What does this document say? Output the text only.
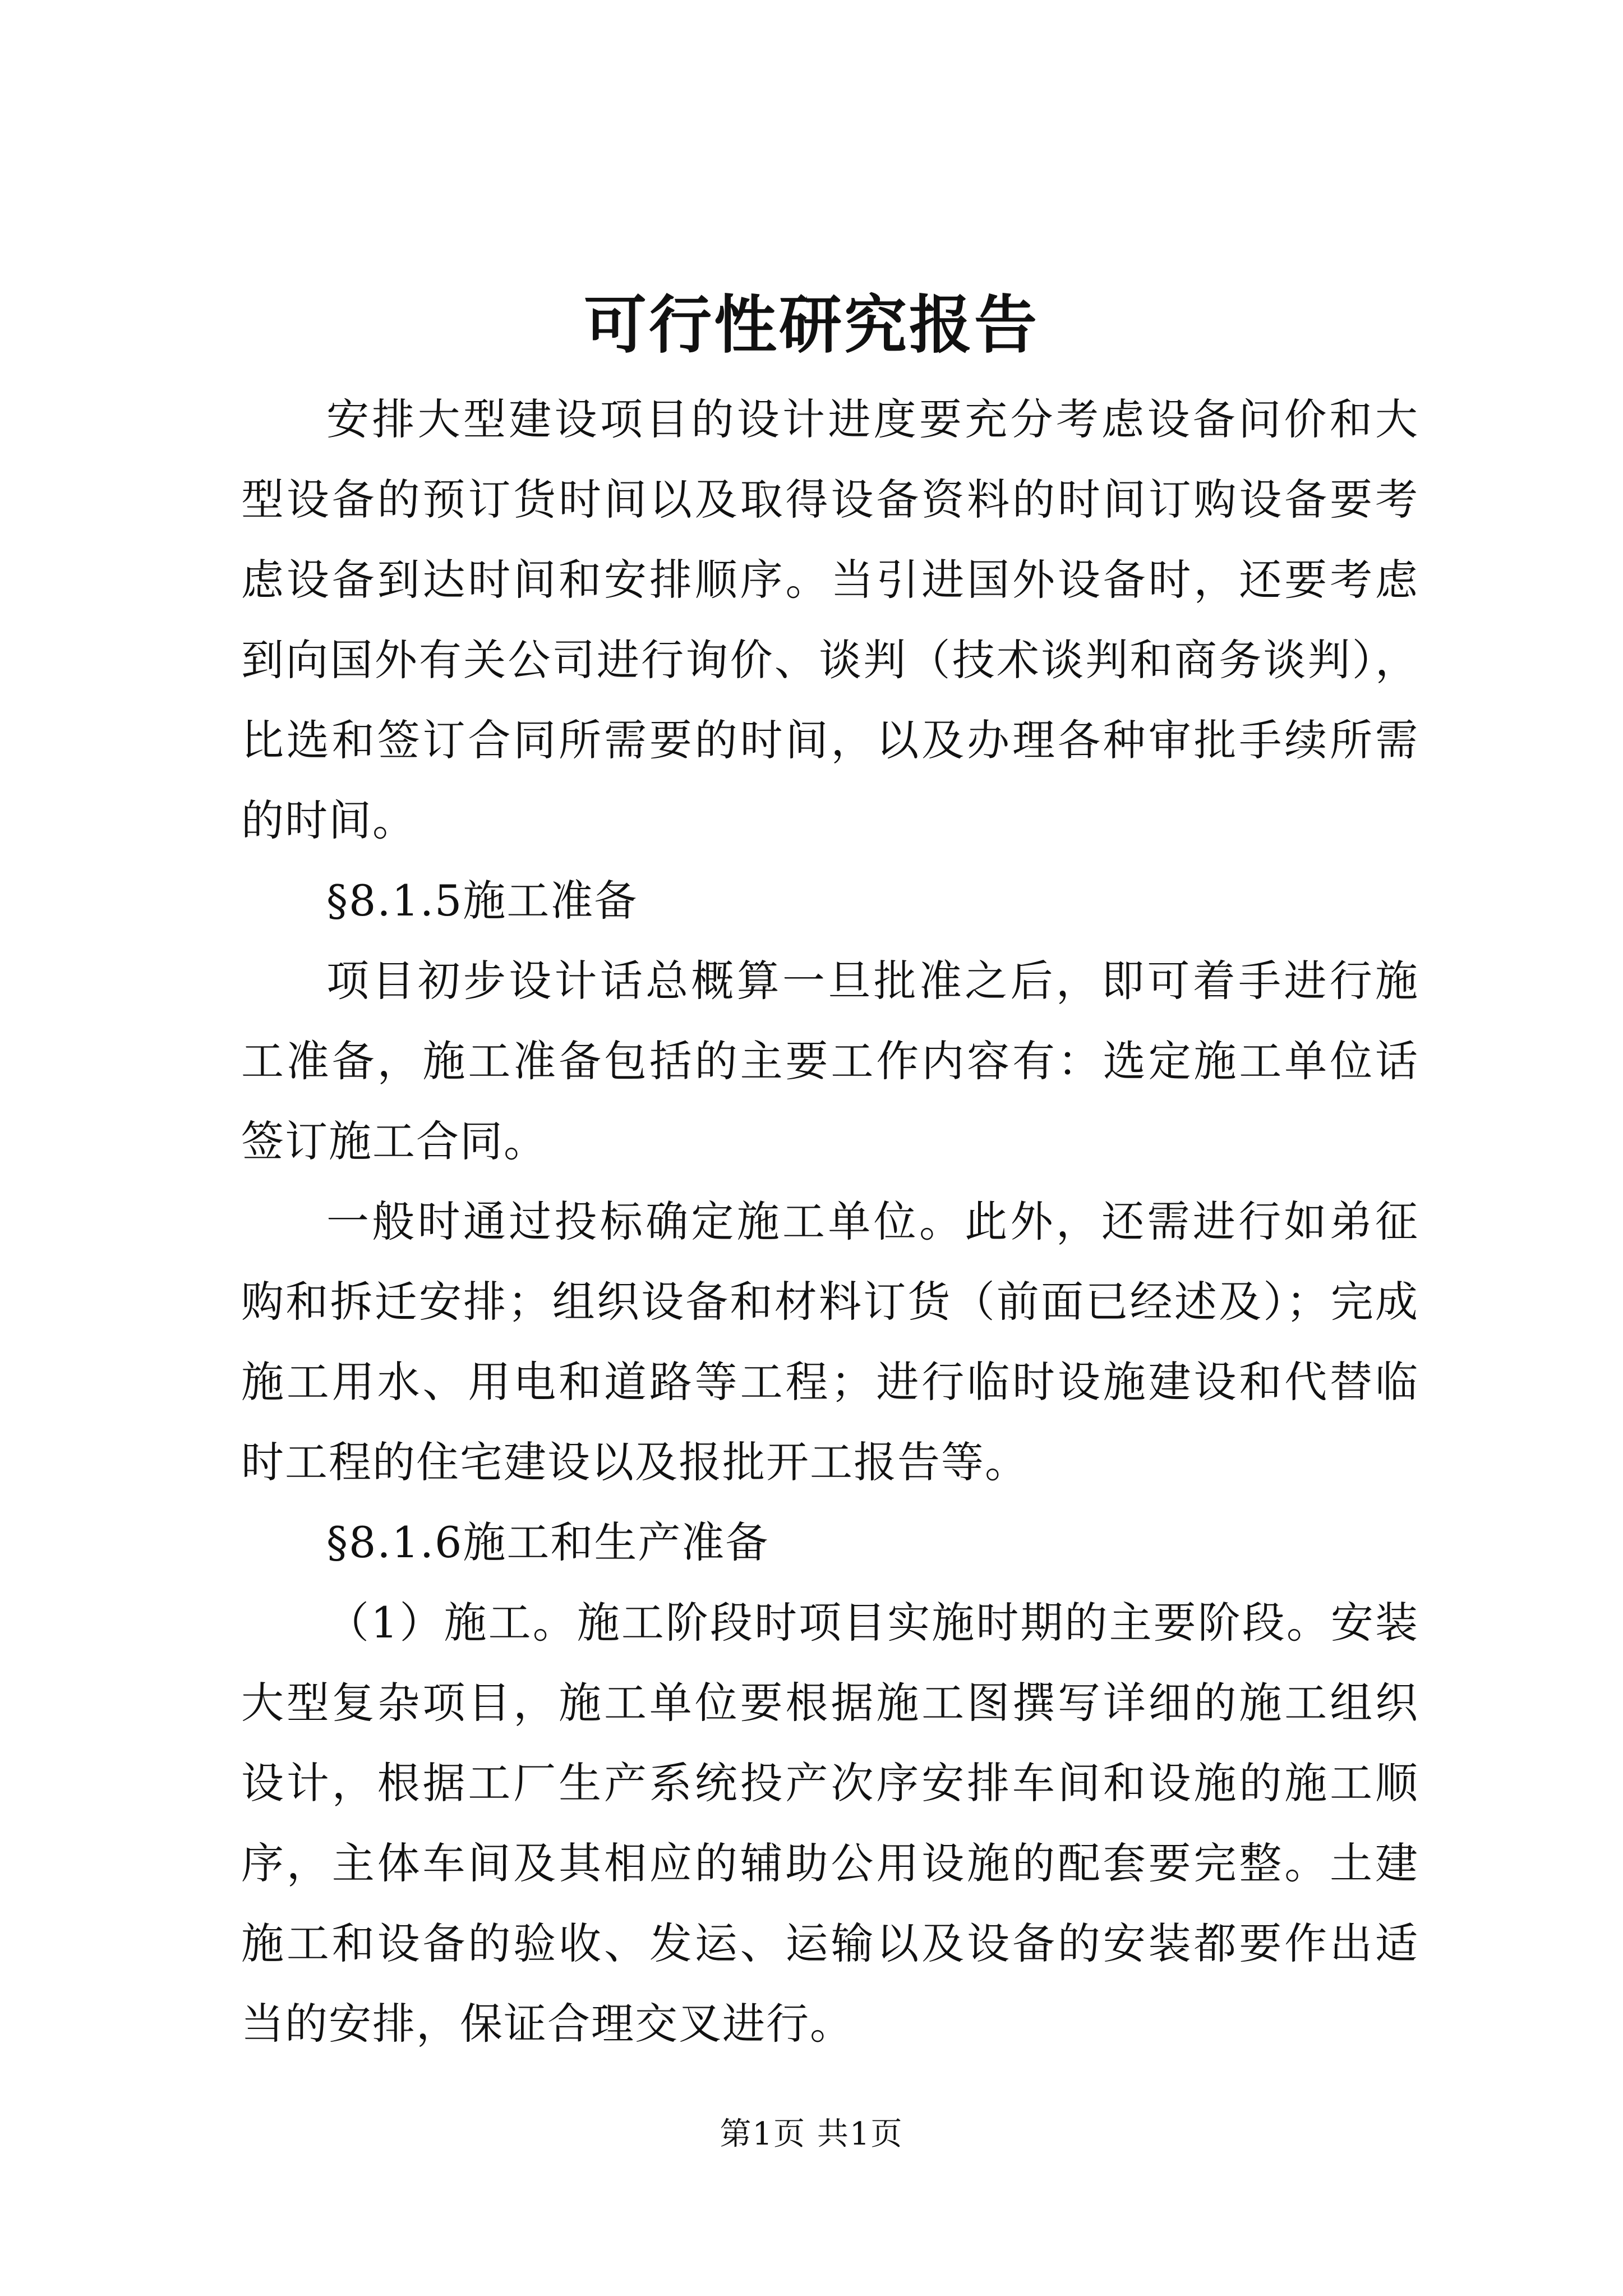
可行性研究报告

安排大型建设项目的设计进度要充分考虑设备问价和大型设备的预订货时间以及取得设备资料的时间订购设备要考虑设备到达时间和安排顺序。当引进国外设备时，还要考虑到向国外有关公司进行询价、谈判（技术谈判和商务谈判），比选和签订合同所需要的时间，以及办理各种审批手续所需的时间。

§8.1.5施工准备

项目初步设计话总概算一旦批准之后，即可着手进行施工准备，施工准备包括的主要工作内容有：选定施工单位话签订施工合同。

一般时通过投标确定施工单位。此外，还需进行如弟征购和拆迁安排；组织设备和材料订货（前面已经述及）；完成施工用水、用电和道路等工程；进行临时设施建设和代替临时工程的住宅建设以及报批开工报告等。

§8.1.6施工和生产准备

（1）施工。施工阶段时项目实施时期的主要阶段。安装大型复杂项目，施工单位要根据施工图撰写详细的施工组织设计，根据工厂生产系统投产次序安排车间和设施的施工顺序，主体车间及其相应的辅助公用设施的配套要完整。土建施工和设备的验收、发运、运输以及设备的安装都要作出适当的安排，保证合理交叉进行。

第1页 共1页
